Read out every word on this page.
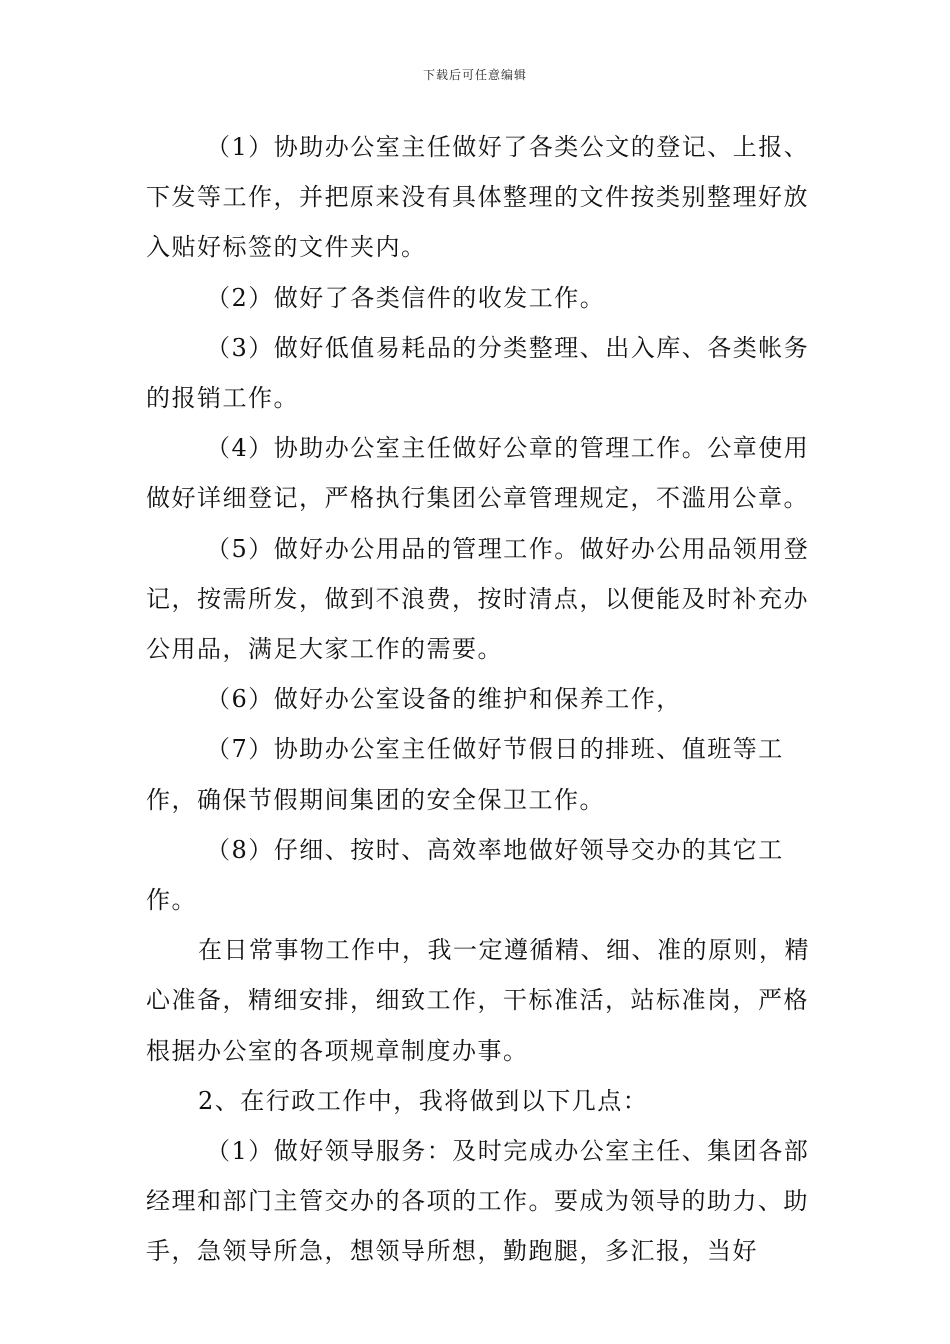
下载后可任意编辑

（1）协助办公室主任做好了各类公文的登记、上报、下发等工作，并把原来没有具体整理的文件按类别整理好放入贴好标签的文件夹内。

（2）做好了各类信件的收发工作。

（3）做好低值易耗品的分类整理、出入库、各类帐务的报销工作。

（4）协助办公室主任做好公章的管理工作。公章使用做好详细登记，严格执行集团公章管理规定，不滥用公章。

（5）做好办公用品的管理工作。做好办公用品领用登记，按需所发，做到不浪费，按时清点，以便能及时补充办公用品，满足大家工作的需要。

（6）做好办公室设备的维护和保养工作，

（7）协助办公室主任做好节假日的排班、值班等工作，确保节假期间集团的安全保卫工作。

（8）仔细、按时、高效率地做好领导交办的其它工作。

在日常事物工作中，我一定遵循精、细、准的原则，精心准备，精细安排，细致工作，干标准活，站标准岗，严格根据办公室的各项规章制度办事。

2、在行政工作中，我将做到以下几点：

（1）做好领导服务：及时完成办公室主任、集团各部经理和部门主管交办的各项的工作。要成为领导的助力、助手，急领导所急，想领导所想，勤跑腿，多汇报，当好
